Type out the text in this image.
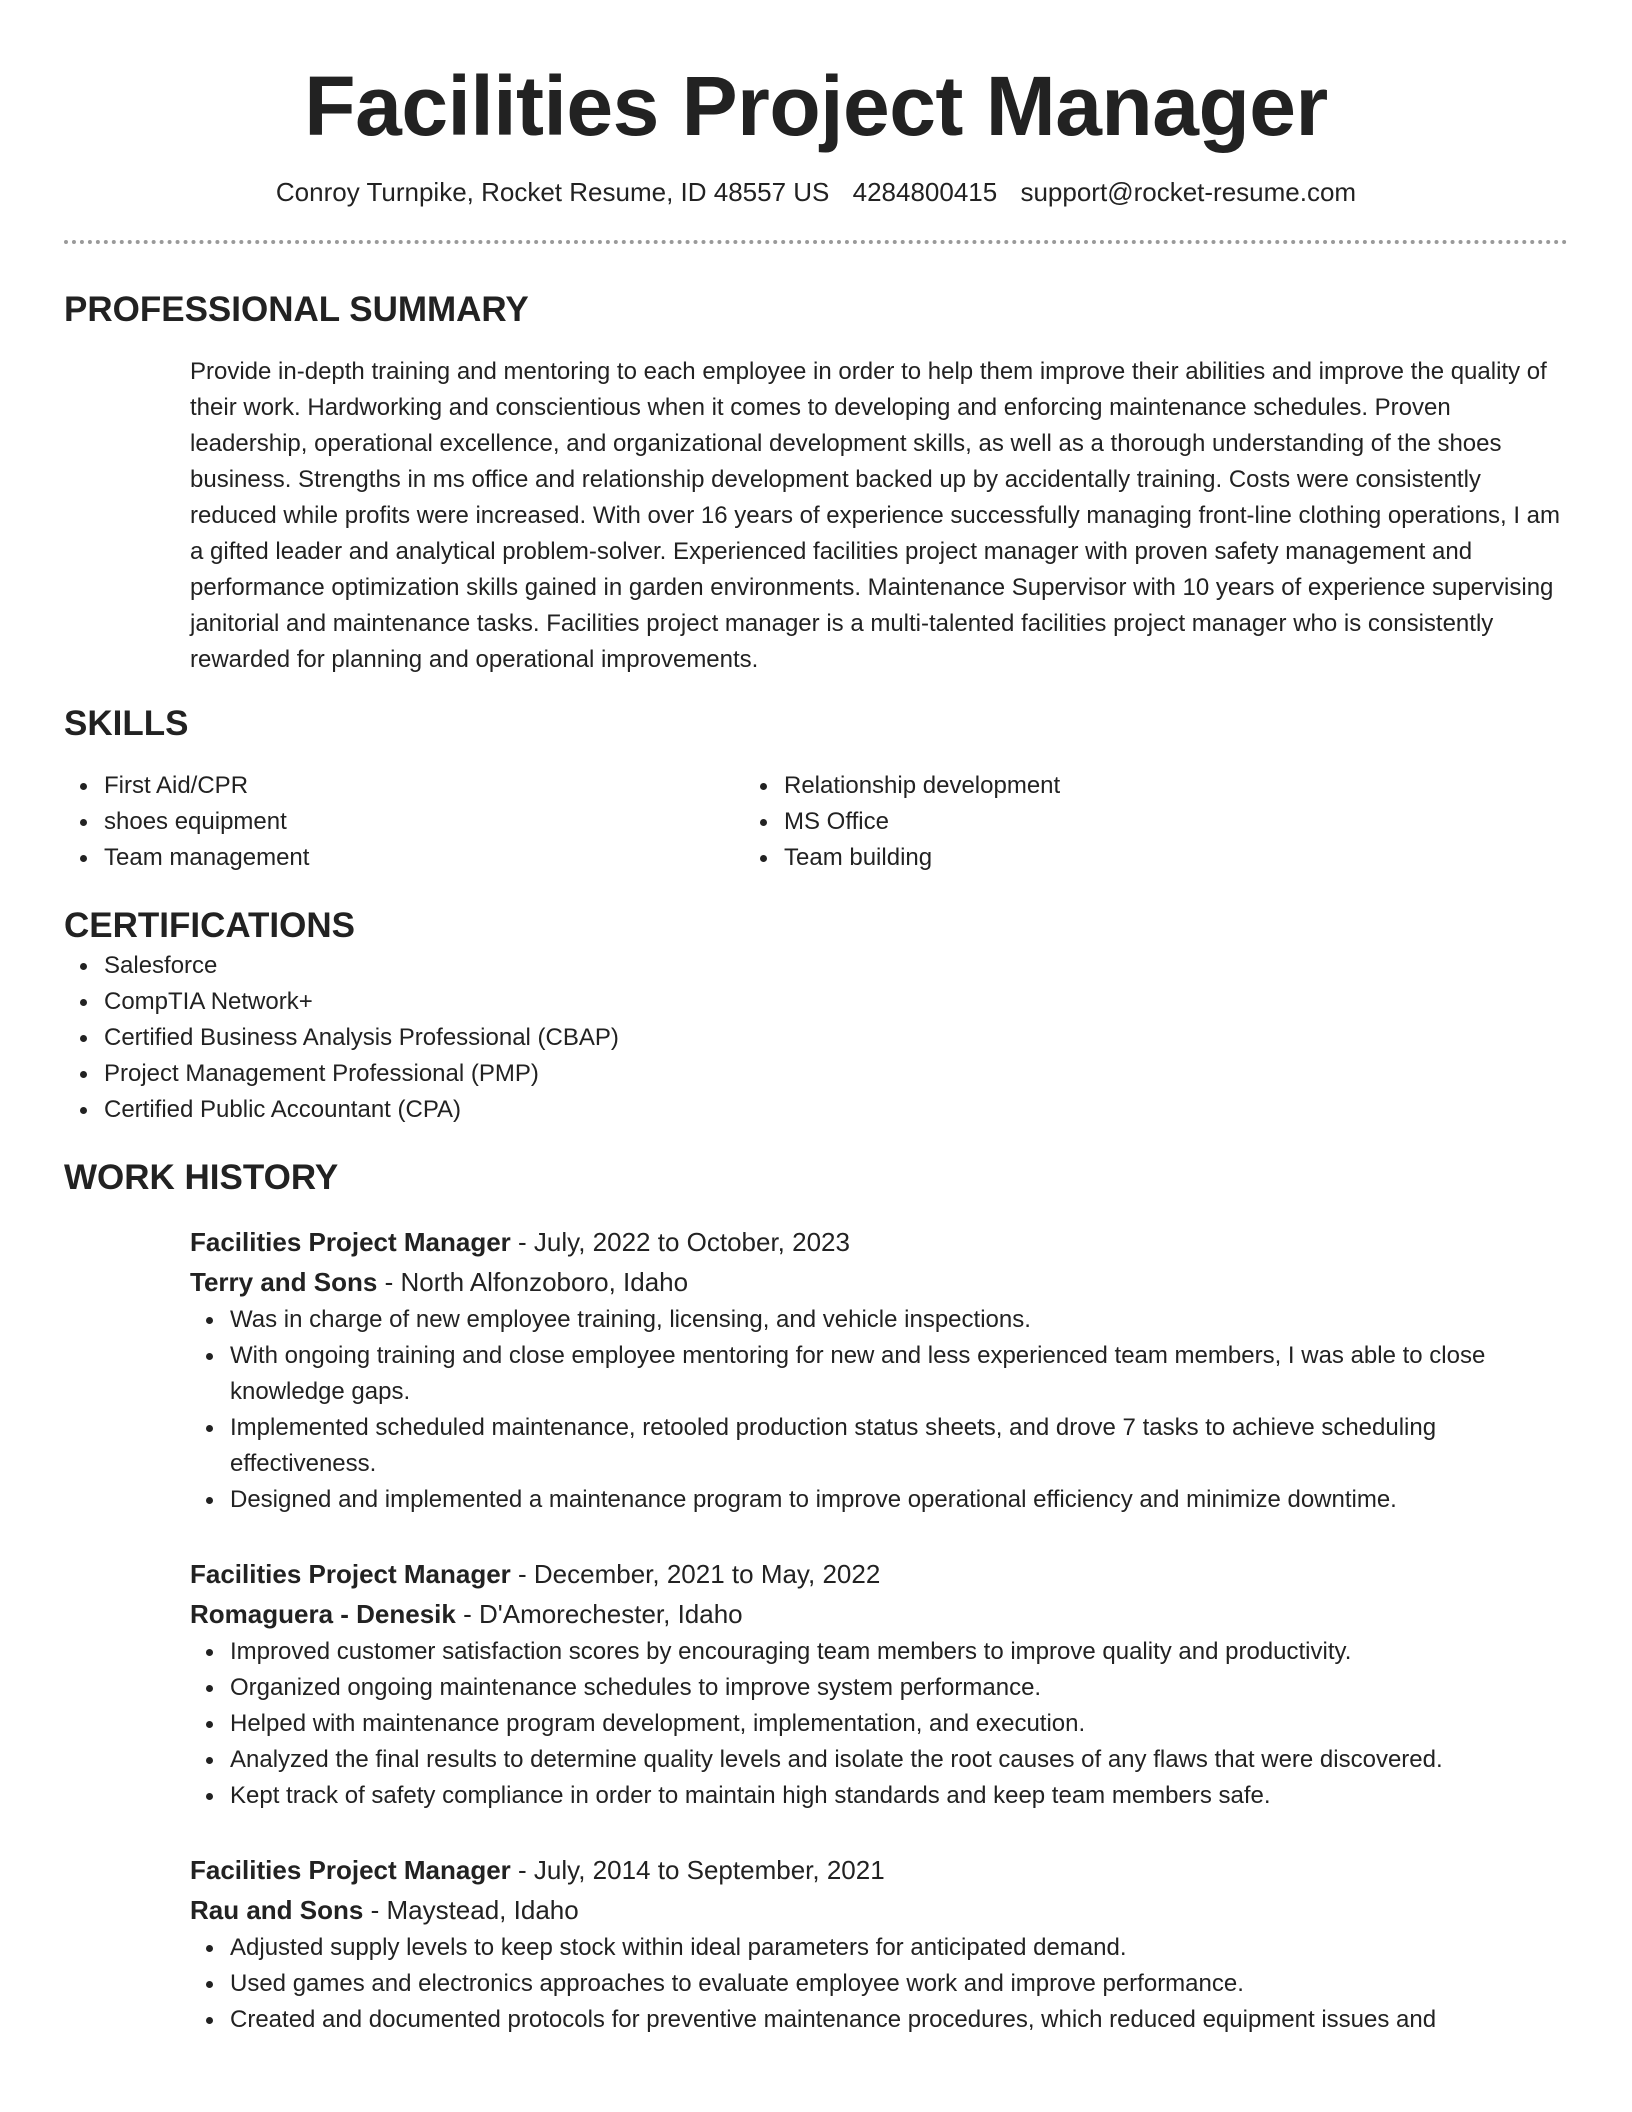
Facilities Project Manager
Conroy Turnpike, Rocket Resume, ID 48557 US 4284800415 support@rocket-resume.com
PROFESSIONAL SUMMARY

Provide in-depth training and mentoring to each employee in order to help them improve their abilities and improve the quality of their work. Hardworking and conscientious when it comes to developing and enforcing maintenance schedules. Proven leadership, operational excellence, and organizational development skills, as well as a thorough understanding of the shoes business. Strengths in ms office and relationship development backed up by accidentally training. Costs were consistently reduced while profits were increased. With over 16 years of experience successfully managing front-line clothing operations, I am a gifted leader and analytical problem-solver. Experienced facilities project manager with proven safety management and performance optimization skills gained in garden environments. Maintenance Supervisor with 10 years of experience supervising janitorial and maintenance tasks. Facilities project manager is a multi-talented facilities project manager who is consistently rewarded for planning and operational improvements.

SKILLS
First Aid/CPR
shoes equipment
Team management
Relationship development
MS Office
Team building
CERTIFICATIONS
Salesforce
CompTIA Network+
Certified Business Analysis Professional (CBAP)
Project Management Professional (PMP)
Certified Public Accountant (CPA)
WORK HISTORY
Facilities Project Manager - July, 2022 to October, 2023
Terry and Sons - North Alfonzoboro, Idaho
Was in charge of new employee training, licensing, and vehicle inspections.
With ongoing training and close employee mentoring for new and less experienced team members, I was able to close knowledge gaps.
Implemented scheduled maintenance, retooled production status sheets, and drove 7 tasks to achieve scheduling effectiveness.
Designed and implemented a maintenance program to improve operational efficiency and minimize downtime.
Facilities Project Manager - December, 2021 to May, 2022
Romaguera - Denesik - D'Amorechester, Idaho
Improved customer satisfaction scores by encouraging team members to improve quality and productivity.
Organized ongoing maintenance schedules to improve system performance.
Helped with maintenance program development, implementation, and execution.
Analyzed the final results to determine quality levels and isolate the root causes of any flaws that were discovered.
Kept track of safety compliance in order to maintain high standards and keep team members safe.
Facilities Project Manager - July, 2014 to September, 2021
Rau and Sons - Maystead, Idaho
Adjusted supply levels to keep stock within ideal parameters for anticipated demand.
Used games and electronics approaches to evaluate employee work and improve performance.
Created and documented protocols for preventive maintenance procedures, which reduced equipment issues and
